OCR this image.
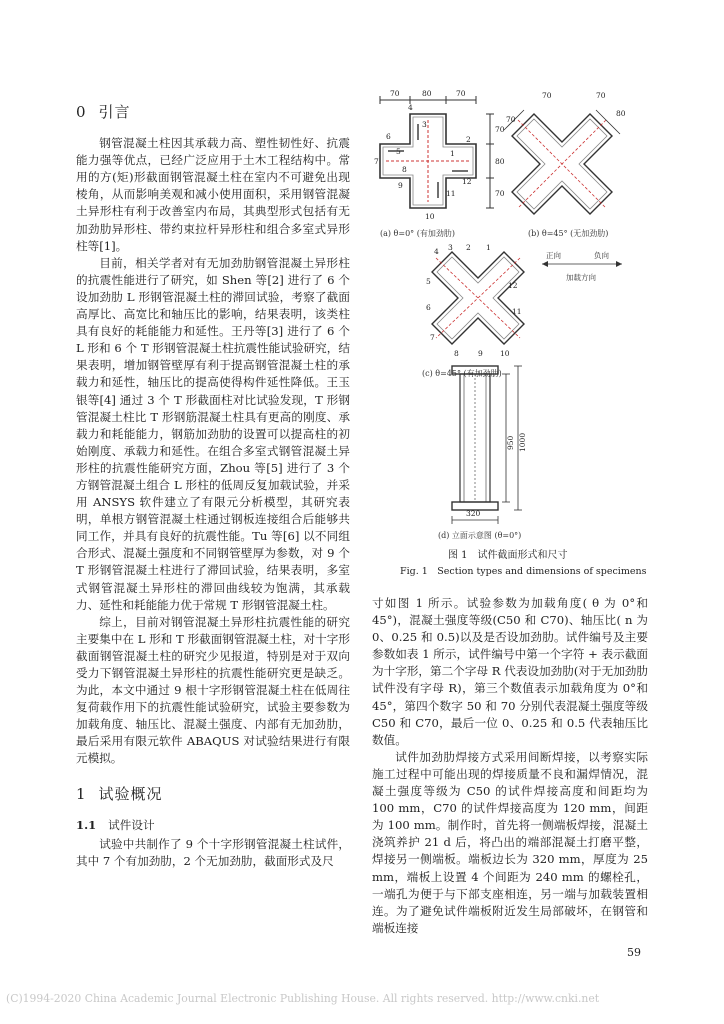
0 引言

钢管混凝土柱因其承载力高、塑性韧性好、抗震能力强等优点，已经广泛应用于土木工程结构中。常用的方(矩)形截面钢管混凝土柱在室内不可避免出现棱角，从而影响美观和减小使用面积，采用钢管混凝土异形柱有利于改善室内布局，其典型形式包括有无加劲肋异形柱、带约束拉杆异形柱和组合多室式异形柱等[1]。

目前，相关学者对有无加劲肋钢管混凝土异形柱的抗震性能进行了研究，如 Shen 等[2] 进行了 6 个设加劲肋 L 形钢管混凝土柱的滞回试验，考察了截面高厚比、高宽比和轴压比的影响，结果表明，该类柱具有良好的耗能能力和延性。王丹等[3] 进行了 6 个 L 形和 6 个 T 形钢管混凝土柱抗震性能试验研究，结果表明，增加钢管壁厚有利于提高钢管混凝土柱的承载力和延性，轴压比的提高使得构件延性降低。王玉银等[4] 通过 3 个 T 形截面柱对比试验发现，T 形钢管混凝土柱比 T 形钢筋混凝土柱具有更高的刚度、承载力和耗能能力，钢筋加劲肋的设置可以提高柱的初始刚度、承载力和延性。在组合多室式钢管混凝土异形柱的抗震性能研究方面，Zhou 等[5] 进行了 3 个方钢管混凝土组合 L 形柱的低周反复加载试验，并采用 ANSYS 软件建立了有限元分析模型，其研究表明，单根方钢管混凝土柱通过钢板连接组合后能够共同工作，并具有良好的抗震性能。Tu 等[6] 以不同组合形式、混凝土强度和不同钢管壁厚为参数，对 9 个 T 形钢管混凝土柱进行了滞回试验，结果表明，多室式钢管混凝土异形柱的滞回曲线较为饱满，其承载力、延性和耗能能力优于常规 T 形钢管混凝土柱。

综上，目前对钢管混凝土异形柱抗震性能的研究主要集中在 L 形和 T 形截面钢管混凝土柱，对十字形截面钢管混凝土柱的研究少见报道，特别是对于双向受力下钢管混凝土异形柱的抗震性能研究更是缺乏。为此，本文中通过 9 根十字形钢管混凝土柱在低周往复荷载作用下的抗震性能试验研究，试验主要参数为加载角度、轴压比、混凝土强度、内部有无加劲肋，最后采用有限元软件 ABAQUS 对试验结果进行有限元模拟。

1 试验概况
1.1 试件设计

试验中共制作了 9 个十字形钢管混凝土柱试件，其中 7 个有加劲肋，2 个无加劲肋，截面形式及尺

70	80	70
70
80
70
4
3
6
7
8
9
10
11
12
2
1
5
(a) θ=0° (有加劲肋)
70
70
70
80
(b) θ=45° (无加劲肋)
2 1
3
4
5
6
7
8	9 10
11
12
(c) θ=45° (有加劲肋)
正向	负向
加载方向
950 1000
320
(d) 立面示意图 (θ=0°)
图 1　试件截面形式和尺寸
Fig. 1　Section types and dimensions of specimens

寸如图 1 所示。试验参数为加载角度( θ 为 0°和 45°)，混凝土强度等级(C50 和 C70)、轴压比( n 为 0、0.25 和 0.5)以及是否设加劲肋。试件编号及主要参数如表 1 所示，试件编号中第一个字符 + 表示截面为十字形，第二个字母 R 代表设加劲肋(对于无加劲肋试件没有字母 R)，第三个数值表示加载角度为 0°和 45°，第四个数字 50 和 70 分别代表混凝土强度等级 C50 和 C70，最后一位 0、0.25 和 0.5 代表轴压比数值。

试件加劲肋焊接方式采用间断焊接，以考察实际施工过程中可能出现的焊接质量不良和漏焊情况，混凝土强度等级为 C50 的试件焊接高度和间距均为 100 mm，C70 的试件焊接高度为 120 mm，间距为 100 mm。制作时，首先将一侧端板焊接，混凝土浇筑养护 21 d 后，将凸出的端部混凝土打磨平整，焊接另一侧端板。端板边长为 320 mm，厚度为 25 mm，端板上设置 4 个间距为 240 mm 的螺栓孔，一端孔为便于与下部支座相连，另一端与加载装置相连。为了避免试件端板附近发生局部破坏，在钢管和端板连接

59
(C)1994-2020 China Academic Journal Electronic Publishing House. All rights reserved. http://www.cnki.net
